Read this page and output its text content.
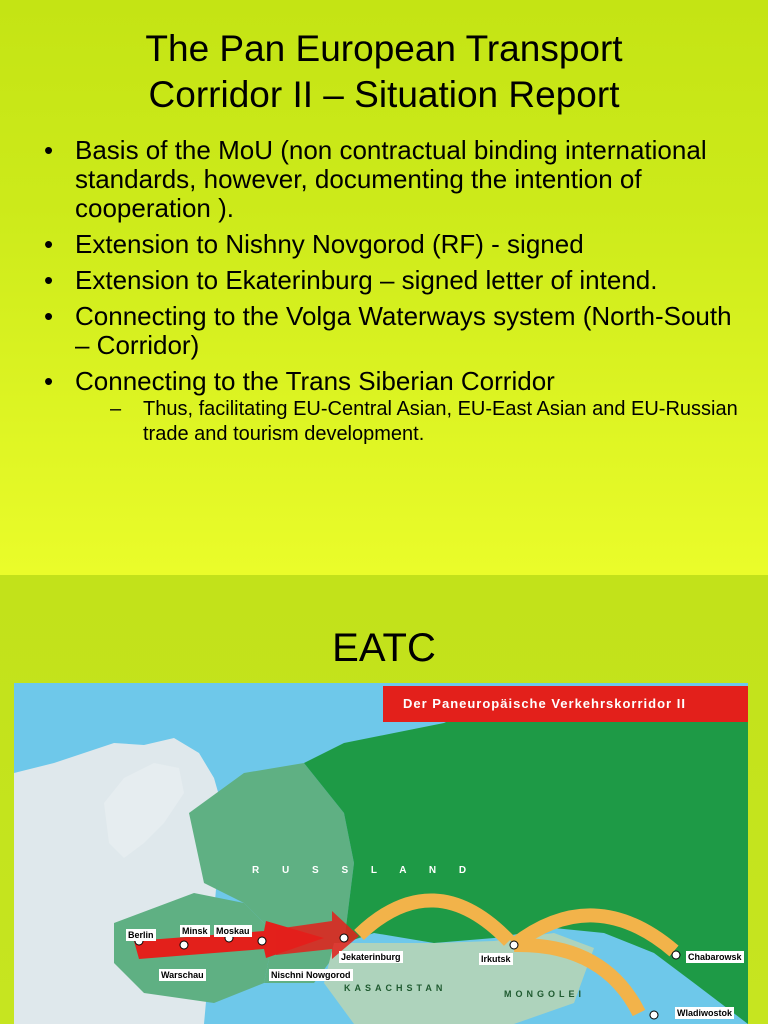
The Pan European Transport
Corridor II – Situation Report
• Basis of the MoU (non contractual binding international standards, however, documenting the intention of cooperation ).
• Extension to Nishny Novgorod (RF) - signed
• Extension to Ekaterinburg – signed letter of intend.
• Connecting to the Volga Waterways system (North-South – Corridor)
• Connecting to the Trans Siberian Corridor
– Thus, facilitating EU-Central Asian, EU-East Asian and EU-Russian trade and tourism development.
EATC
Der Paneuropäische Verkehrskorridor II
R U S S L A N D
KASACHSTAN
MONGOLEI
Berlin	Minsk Moskau
Warschau	Nischni Nowgorod
Jekaterinburg	Irkutsk	Chabarowsk
Wladiwostok
